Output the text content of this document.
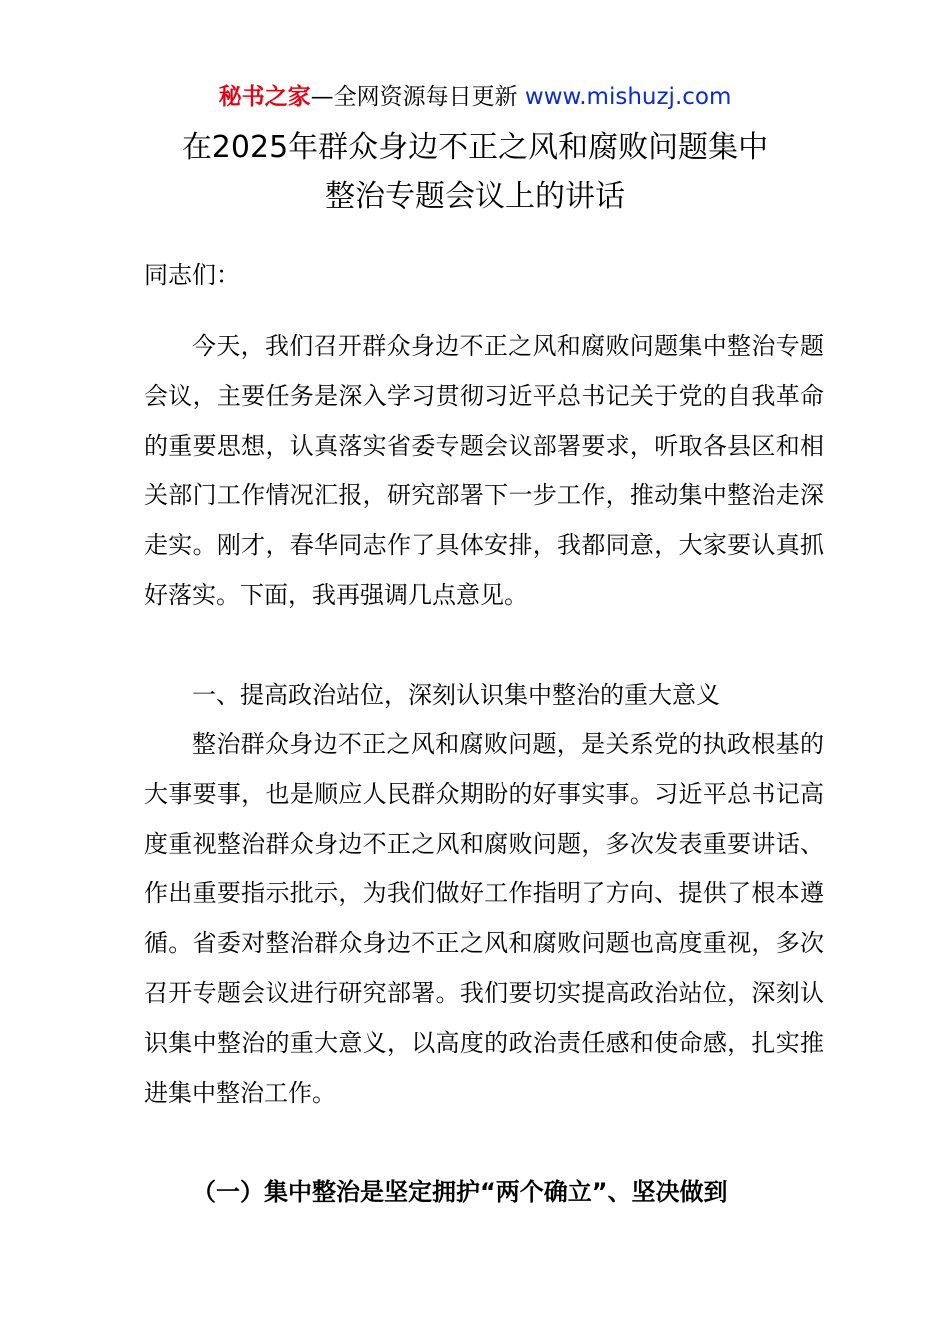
秘书之家—全网资源每日更新 www.mishuzj.com
在2025年群众身边不正之风和腐败问题集中
整治专题会议上的讲话
同志们：

今天，我们召开群众身边不正之风和腐败问题集中整治专题会议，主要任务是深入学习贯彻习近平总书记关于党的自我革命的重要思想，认真落实省委专题会议部署要求，听取各县区和相关部门工作情况汇报，研究部署下一步工作，推动集中整治走深走实。刚才，春华同志作了具体安排，我都同意，大家要认真抓好落实。下面，我再强调几点意见。

一、提高政治站位，深刻认识集中整治的重大意义

整治群众身边不正之风和腐败问题，是关系党的执政根基的大事要事，也是顺应人民群众期盼的好事实事。习近平总书记高度重视整治群众身边不正之风和腐败问题，多次发表重要讲话、作出重要指示批示，为我们做好工作指明了方向、提供了根本遵循。省委对整治群众身边不正之风和腐败问题也高度重视，多次召开专题会议进行研究部署。我们要切实提高政治站位，深刻认识集中整治的重大意义，以高度的政治责任感和使命感，扎实推进集中整治工作。

（一）集中整治是坚定拥护“两个确立”、坚决做到
